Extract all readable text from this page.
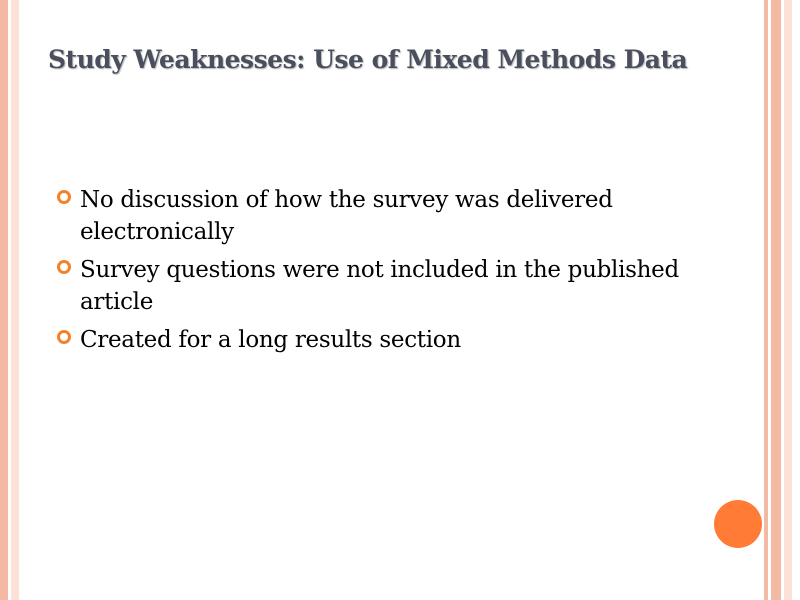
Study Weaknesses: Use of Mixed Methods Data
No discussion of how the survey was delivered electronically
Survey questions were not included in the published article
Created for a long results section
